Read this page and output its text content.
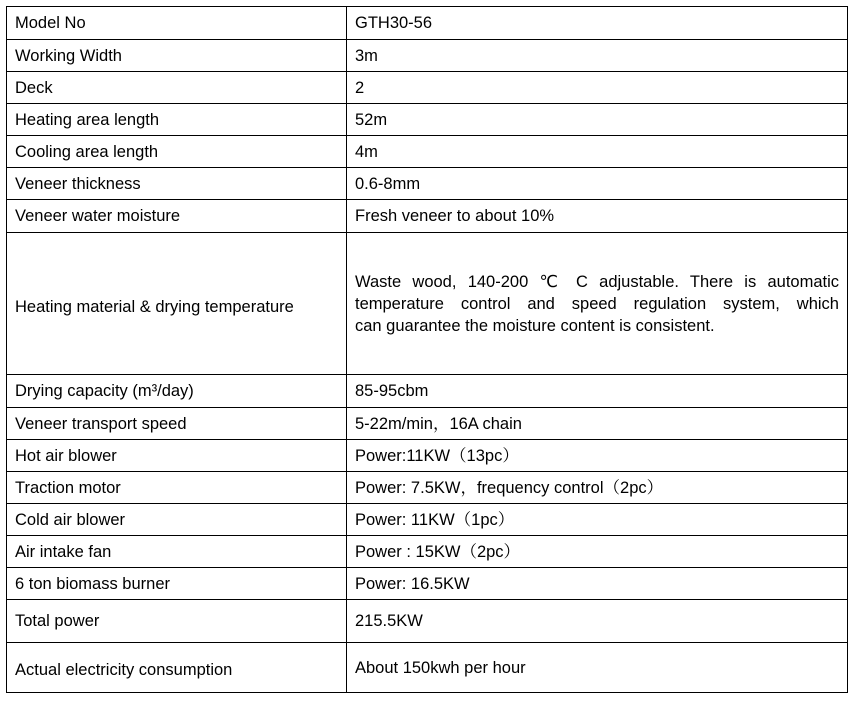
Model No	GTH30-56
Working Width	3m
Deck	2
Heating area length	52m
Cooling area length	4m
Veneer thickness	0.6-8mm
Veneer water moisture	Fresh veneer to about 10%
Heating material & drying temperature	Waste wood, 140-200 ℃ C adjustable. There is automatic
temperature control and speed regulation system, which
can guarantee the moisture content is consistent.

Drying capacity (m³/day)	85-95cbm
Veneer transport speed	5-22m/min，16A chain
Hot air blower	Power:11KW（13pc）
Traction motor	Power: 7.5KW，frequency control（2pc）
Cold air blower	Power: 11KW（1pc）
Air intake fan	Power : 15KW（2pc）
6 ton biomass burner	Power: 16.5KW
Total power	215.5KW
Actual electricity consumption	About 150kwh per hour
